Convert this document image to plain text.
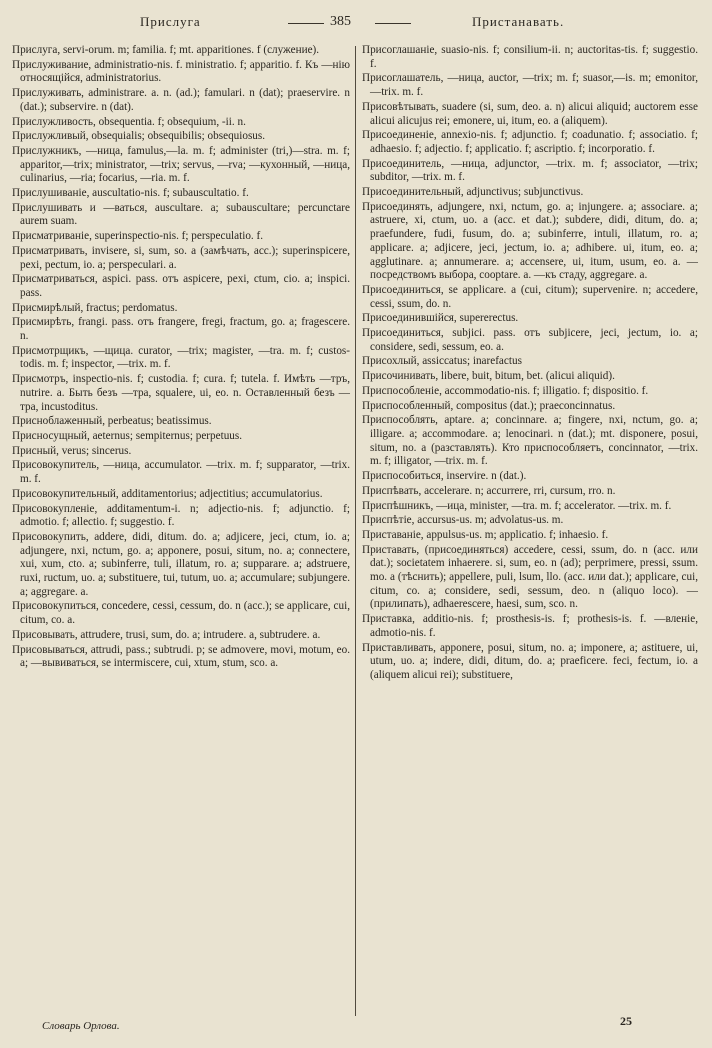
Прислуга	385	Пристанавать.

Прислуга, servi-orum. m; familia. f; mt. apparitiones. f (служение).

Прислуживание, administratio-nis. f. ministratio. f; apparitio. f. Къ —нію относящійся, administratorius.

Прислуживать, administrare. a. n. (ad.); famulari. n (dat); praeservire. n (dat.); subservire. n (dat).

Прислужливость, obsequentia. f; obsequium, -ii. n.

Прислужливый, obsequialis; obsequibilis; obsequiosus.

Прислужникъ, —ница, famulus,—la. m. f; administer (tri,)—stra. m. f; apparitor,—trix; ministrator, —trix; servus, —rva; —кухонный, —ница, culinarius, —ria; focarius, —ria. m. f.

Прислушиваніе, auscultatio-nis. f; subauscultatio. f.

Прислушивать и —ваться, auscultare. a; subauscultare; percunctare aurem suam.

Присматриваніе, superinspectio-nis. f; perspeculatio. f.

Присматривать, invisere, si, sum, so. a (замѣчать, acc.); superinspicere, pexi, pectum, io. a; perspeculari. a.

Присматриваться, aspici. pass. отъ aspicere, pexi, ctum, cio. a; inspici. pass.

Присмирѣлый, fractus; perdomatus.

Присмирѣть, frangi. pass. отъ frangere, fregi, fractum, go. a; fragescere. n.

Присмотрщикъ, —щица. curator, —trix; magister, —tra. m. f; custos-todis. m. f; inspector, —trix. m. f.

Присмотръ, inspectio-nis. f; custodia. f; cura. f; tutela. f. Имѣть —тръ, nutrire. a. Быть безъ —тра, squalere, ui, eo. n. Оставленный безъ —тра, incustoditus.

Присноблаженный, perbeatus; beatissimus.

Присносущный, aeternus; sempiternus; perpetuus.

Присный, verus; sincerus.

Присовокупитель, —ница, accumulator. —trix. m. f; supparator, —trix. m. f.

Присовокупительный, additamentorius; adjectitius; accumulatorius.

Присовокупленіе, additamentum-i. n; adjectio-nis. f; adjunctio. f; admotio. f; allectio. f; suggestio. f.

Присовокупить, addere, didi, ditum. do. a; adjicere, jeci, ctum, io. a; adjungere, nxi, nctum, go. a; apponere, posui, situm, no. a; connectere, xui, xum, cto. a; subinferre, tuli, illatum, ro. a; supparare. a; adstruere, ruxi, ructum, uo. a; substituere, tui, tutum, uo. a; accumulare; subjungere. a; aggregare. a.

Присовокупиться, concedere, cessi, cessum, do. n (acc.); se applicare, cui, citum, co. a.

Присовывать, attrudere, trusi, sum, do. a; intrudere. a, subtrudere. a.

Присовываться, attrudi, pass.; subtrudi. p; se admovere, movi, motum, eo. a; —вывиваться, se intermiscere, cui, xtum, stum, sco. a.

Присоглашаніе, suasio-nis. f; consilium-ii. n; auctoritas-tis. f; suggestio. f.

Присоглашатель, —ница, auctor, —trix; m. f; suasor,—is. m; emonitor, —trix. m. f.

Присовѣтывать, suadere (si, sum, deo. a. n) alicui aliquid; auctorem esse alicui alicujus rei; emonere, ui, itum, eo. a (aliquem).

Присоединеніе, annexio-nis. f; adjunctio. f; coadunatio. f; associatio. f; adhaesio. f; adjectio. f; applicatio. f; ascriptio. f; incorporatio. f.

Присоединитель, —ница, adjunctor, —trix. m. f; associator, —trix; subditor, —trix. m. f.

Присоединительный, adjunctivus; subjunctivus.

Присоединять, adjungere, nxi, nctum, go. a; injungere. a; associare. a; astruere, xi, ctum, uo. a (acc. et dat.); subdere, didi, ditum, do. a; praefundere, fudi, fusum, do. a; subinferre, intuli, illatum, ro. a; applicare. a; adjicere, jeci, jectum, io. a; adhibere. ui, itum, eo. a; agglutinare. a; annumerare. a; accensere, ui, itum, usum, eo. a. — посредствомъ выбора, cooptare. a. —къ стаду, aggregare. a.

Присоединиться, se applicare. a (cui, citum); supervenire. n; accedere, cessi, ssum, do. n.

Присоединившійся, supererectus.

Присоединиться, subjici. pass. отъ subjicere, jeci, jectum, io. a; considere, sedi, sessum, eo. a.

Присохлый, assiccatus; inarefactus

Присочинивать, libere, buit, bitum, bet. (alicui aliquid).

Приспособленіе, accommodatio-nis. f; illigatio. f; dispositio. f.

Приспособленный, compositus (dat.); praeconcinnatus.

Приспособлять, aptare. a; concinnare. a; fingere, nxi, nctum, go. a; illigare. a; accommodare. a; lenocinari. n (dat.); mt. disponere, posui, situm, no. a (разставлять). Кто приспособляетъ, concinnator, —trix. m. f; illigator, —trix. m. f.

Приспособиться, inservire. n (dat.).

Приспѣвать, accelerare. n; accurrere, rri, cursum, rro. n.

Приспѣшникъ, —ица, minister, —tra. m. f; accelerator. —trix. m. f.

Приспѣтіе, accursus-us. m; advolatus-us. m.

Приставаніе, appulsus-us. m; applicatio. f; inhaesio. f.

Приставать, (присоединяться) accedere, cessi, ssum, do. n (acc. или dat.); societatem inhaerere. si, sum, eo. n (ad); perprimere, pressi, ssum. mo. a (тѣснить); appellere, puli, lsum, llo. (acc. или dat.); applicare, cui, citum, co. a; considere, sedi, sessum, deo. n (aliquo loco). — (прилипать), adhaerescere, haesi, sum, sco. n.

Приставка, additio-nis. f; prosthesis-is. f; prothesis-is. f. —вленіе, admotio-nis. f.

Приставливать, apponere, posui, situm, no. a; imponere, a; astituere, ui, utum, uo. a; indere, didi, ditum, do. a; praeficere. feci, fectum, io. a (aliquem alicui rei); substituere,

Словарь Орлова.	25
